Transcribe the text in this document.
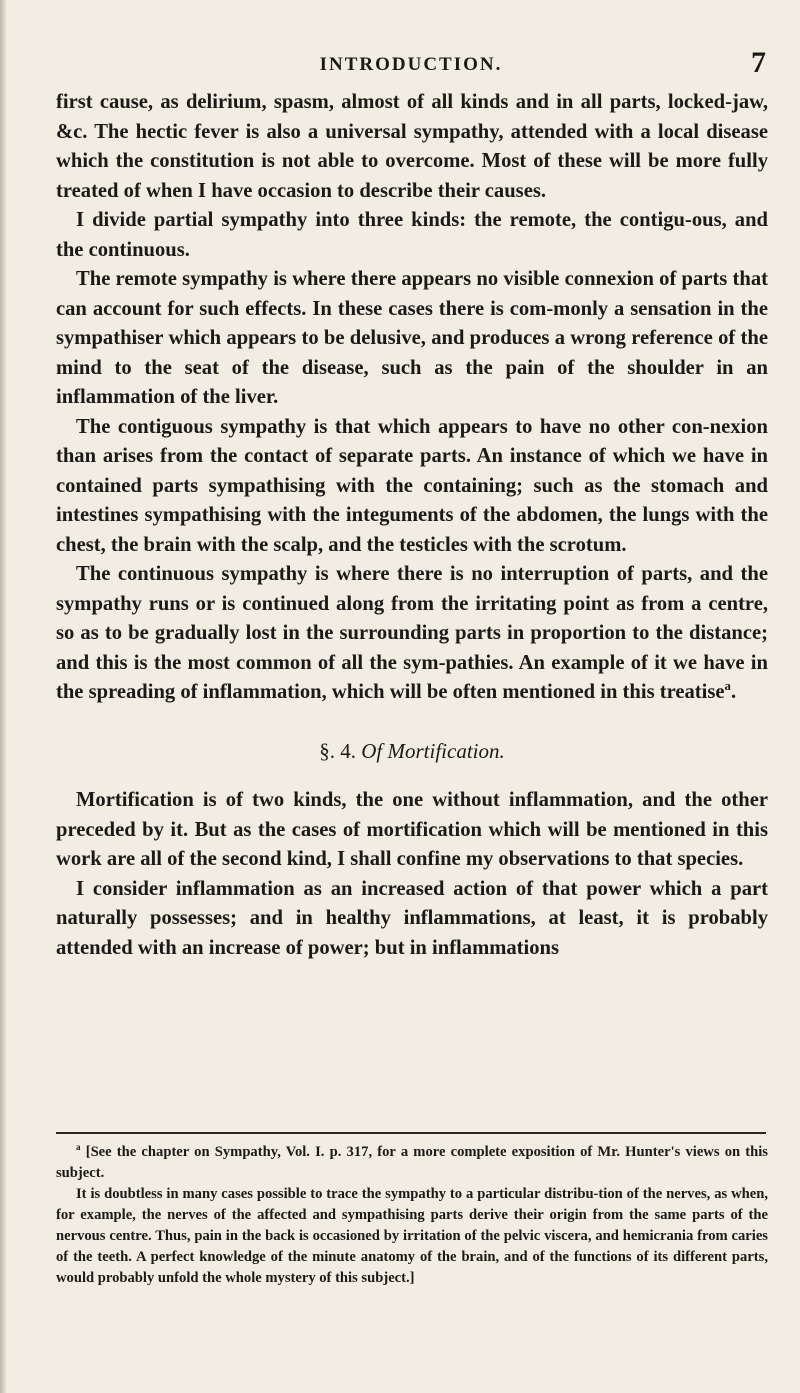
INTRODUCTION.	7

first cause, as delirium, spasm, almost of all kinds and in all parts, locked-jaw, &c. The hectic fever is also a universal sympathy, attended with a local disease which the constitution is not able to overcome. Most of these will be more fully treated of when I have occasion to describe their causes.

I divide partial sympathy into three kinds: the remote, the contigu-ous, and the continuous.

The remote sympathy is where there appears no visible connexion of parts that can account for such effects. In these cases there is com-monly a sensation in the sympathiser which appears to be delusive, and produces a wrong reference of the mind to the seat of the disease, such as the pain of the shoulder in an inflammation of the liver.

The contiguous sympathy is that which appears to have no other con-nexion than arises from the contact of separate parts. An instance of which we have in contained parts sympathising with the containing; such as the stomach and intestines sympathising with the integuments of the abdomen, the lungs with the chest, the brain with the scalp, and the testicles with the scrotum.

The continuous sympathy is where there is no interruption of parts, and the sympathy runs or is continued along from the irritating point as from a centre, so as to be gradually lost in the surrounding parts in proportion to the distance; and this is the most common of all the sym-pathies. An example of it we have in the spreading of inflammation, which will be often mentioned in this treatise$^a$.

§. 4. Of Mortification.

Mortification is of two kinds, the one without inflammation, and the other preceded by it. But as the cases of mortification which will be mentioned in this work are all of the second kind, I shall confine my observations to that species.

I consider inflammation as an increased action of that power which a part naturally possesses; and in healthy inflammations, at least, it is probably attended with an increase of power; but in inflammations

$^a$ [See the chapter on Sympathy, Vol. I. p. 317, for a more complete exposition of Mr. Hunter's views on this subject.

It is doubtless in many cases possible to trace the sympathy to a particular distribu-tion of the nerves, as when, for example, the nerves of the affected and sympathising parts derive their origin from the same parts of the nervous centre. Thus, pain in the back is occasioned by irritation of the pelvic viscera, and hemicrania from caries of the teeth. A perfect knowledge of the minute anatomy of the brain, and of the functions of its different parts, would probably unfold the whole mystery of this subject.]
